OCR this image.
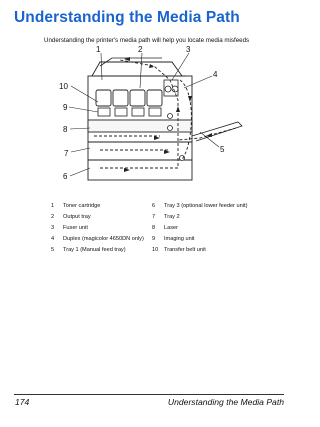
Understanding the Media Path
Understanding the printer's media path will help you locate media misfeeds
1	2	3
4
5
6
7
8
9
10
1	Toner cartridge	6	Tray 3 (optional lower feeder unit)
2	Output tray	7	Tray 2
3	Fuser unit	8	Laser
4	Duplex (magicolor 4650DN only)	9	Imaging unit
5	Tray 1 (Manual feed tray)	10	Transfer belt unit
174	Understanding the Media Path
